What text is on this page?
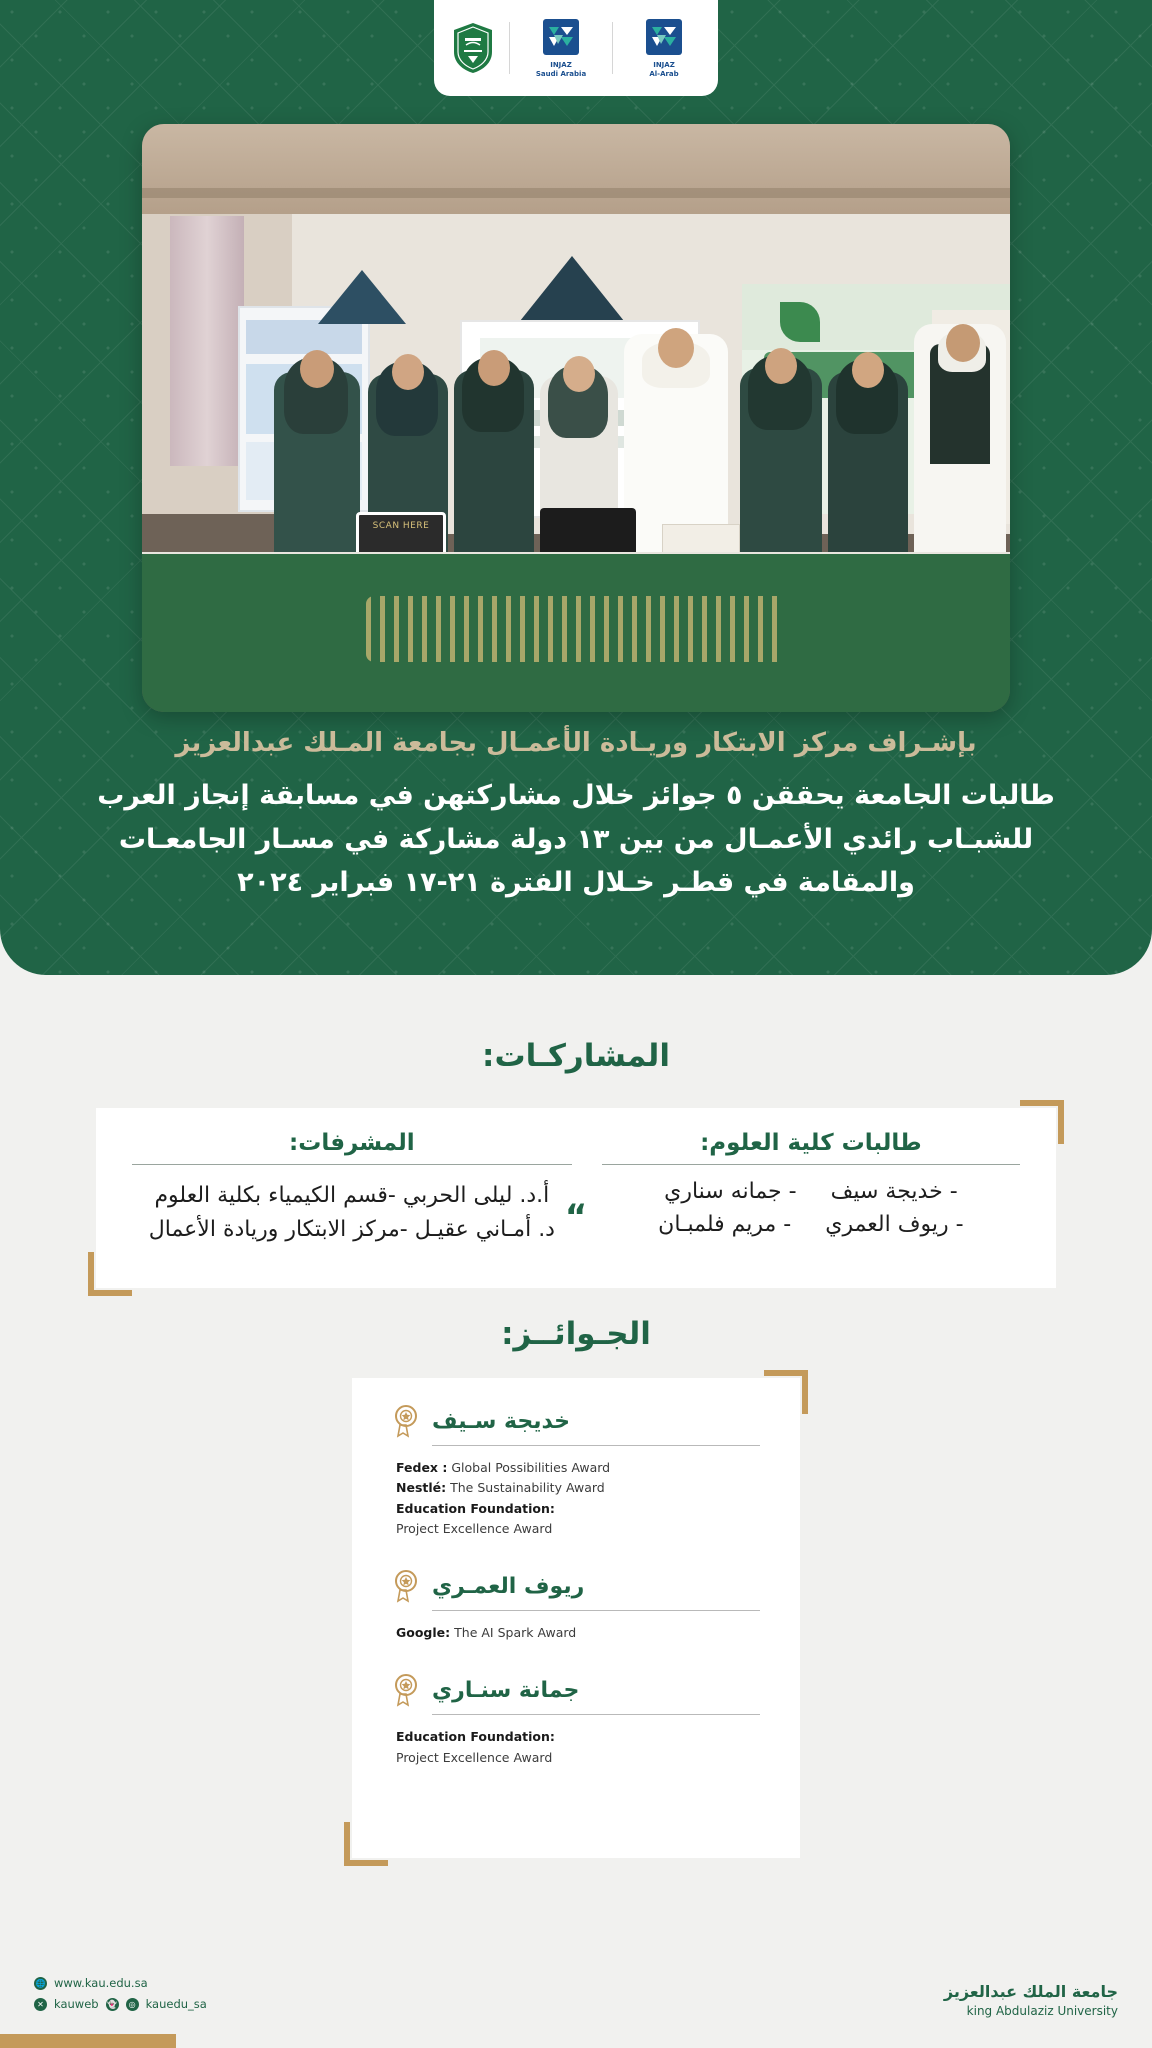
INJAZ
Al-Arab
INJAZ
Saudi Arabia
SCAN HERE
بإشـراف مركز الابتكار وريـادة الأعمـال بجامعة المـلك عبدالعزيز
طالبات الجامعة يحققن ٥ جوائز خلال مشاركتهن في مسابقة إنجاز العرب للشبـاب رائدي الأعمـال من بين ١٣ دولة مشاركة في مسـار الجامعـات والمقامة في قطـر خـلال الفترة ٢١-١٧ فبراير ٢٠٢٤
المشاركـات:
طالبات كلية العلوم:
- خديجة سيف
- جمانه سناري
- ريوف العمري
- مريم فلمبـان
المشرفات:
أ.د. ليلى الحربي -قسم الكيمياء بكلية العلوم
د. أمـاني عقيـل -مركز الابتكار وريادة الأعمال “
الجـوائــز:
خديجة سـيف
Fedex : Global Possibilities Award
Nestlé: The Sustainability Award
Education Foundation:
Project Excellence Award
ريوف العمـري
Google: The AI Spark Award
جمانة سنـاري
Education Foundation:
Project Excellence Award
🌐 www.kau.edu.sa
✕ kauweb 👻	◎ kauedu_sa
جامعة الملك عبدالعزيز
king Abdulaziz University
